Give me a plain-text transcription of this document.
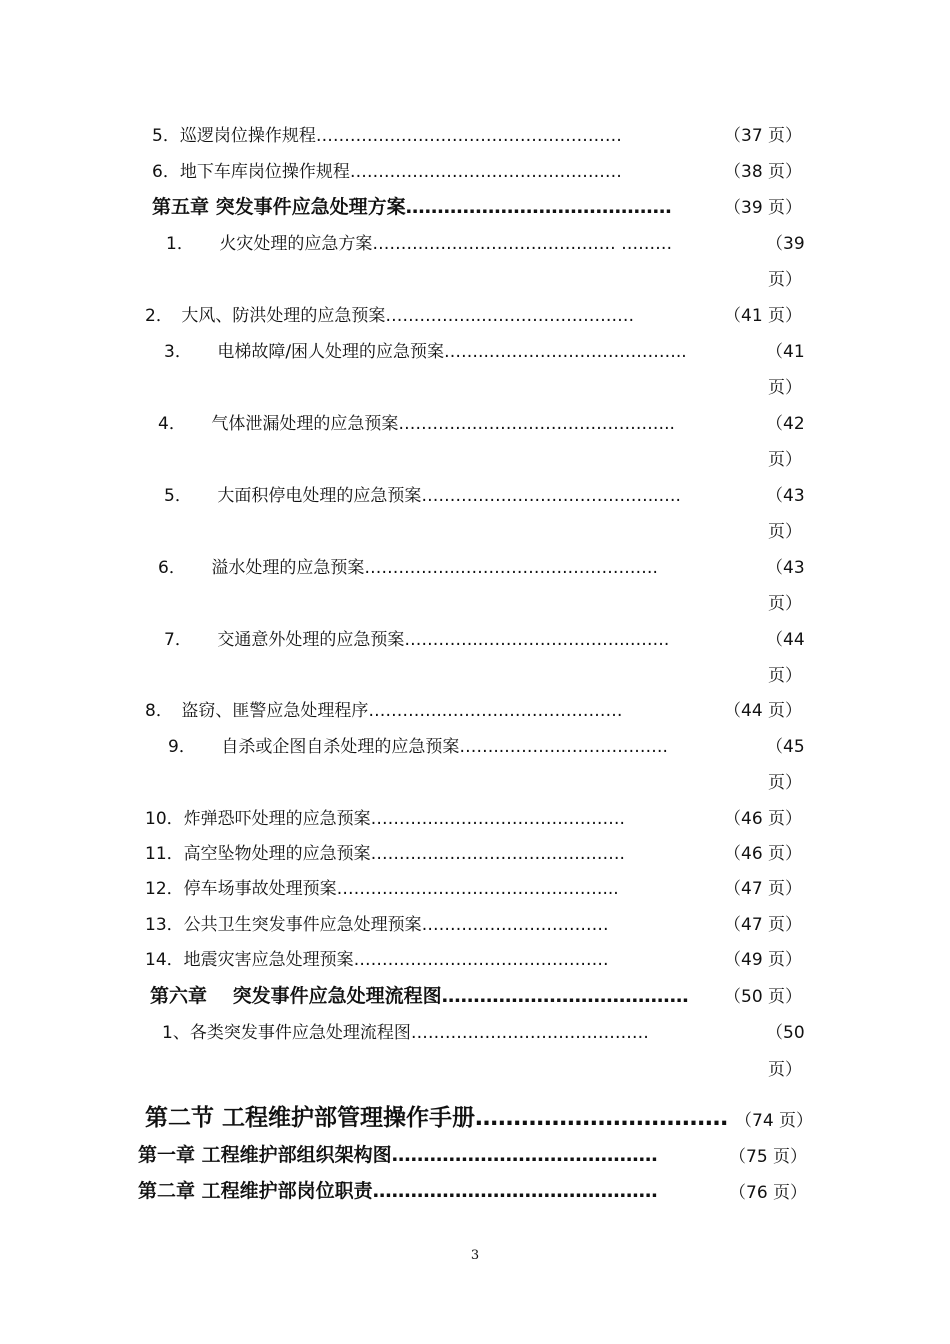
5．巡逻岗位操作规程………………………………………………	（37 页）
6．地下车库岗位操作规程…………………………………………	（38 页）
第五章 突发事件应急处理方案……………………………………	（39 页）
1．　　火灾处理的应急方案…………….……………………… ………	（39
页）
2．　大风、防洪处理的应急预案……………..………………………	（41 页）
3．　　电梯故障/困人处理的应急预案……..……………………………..	（41
页）
4．　　气体泄漏处理的应急预案………….……….……………………..	（42
页）
5．　　大面积停电处理的应急预案…………….……………………..….	（43
页）
6．　　溢水处理的应急预案……………..……………….…………….	（43
页）
7．　　交通意外处理的应急预案…………..……………………..…….	（44
页）
8．　盗窃、匪警应急处理程序…………..……….…………………	（44 页）
9．　　自杀或企图自杀处理的应急预案……..……….……………….	（45
页）
10．炸弹恐吓处理的应急预案…………..………………………….	（46 页）
11．高空坠物处理的应急预案…………..………………………….	（46 页）
12．停车场事故处理预案…………..……………………………...	（47 页）
13．公共卫生突发事件应急处理预案……………………………	（47 页）
14．地震灾害应急处理预案………………………………………	（49 页）
第六章　 突发事件应急处理流程图………………………………… （50 页）
1、各类突发事件应急处理流程图……………………………………	（50
页）
第二节 工程维护部管理操作手册…………………………… （74 页）
第一章 工程维护部组织架构图……………………………………	（75 页）
第二章 工程维护部岗位职责………………………………………	（76 页）
3
